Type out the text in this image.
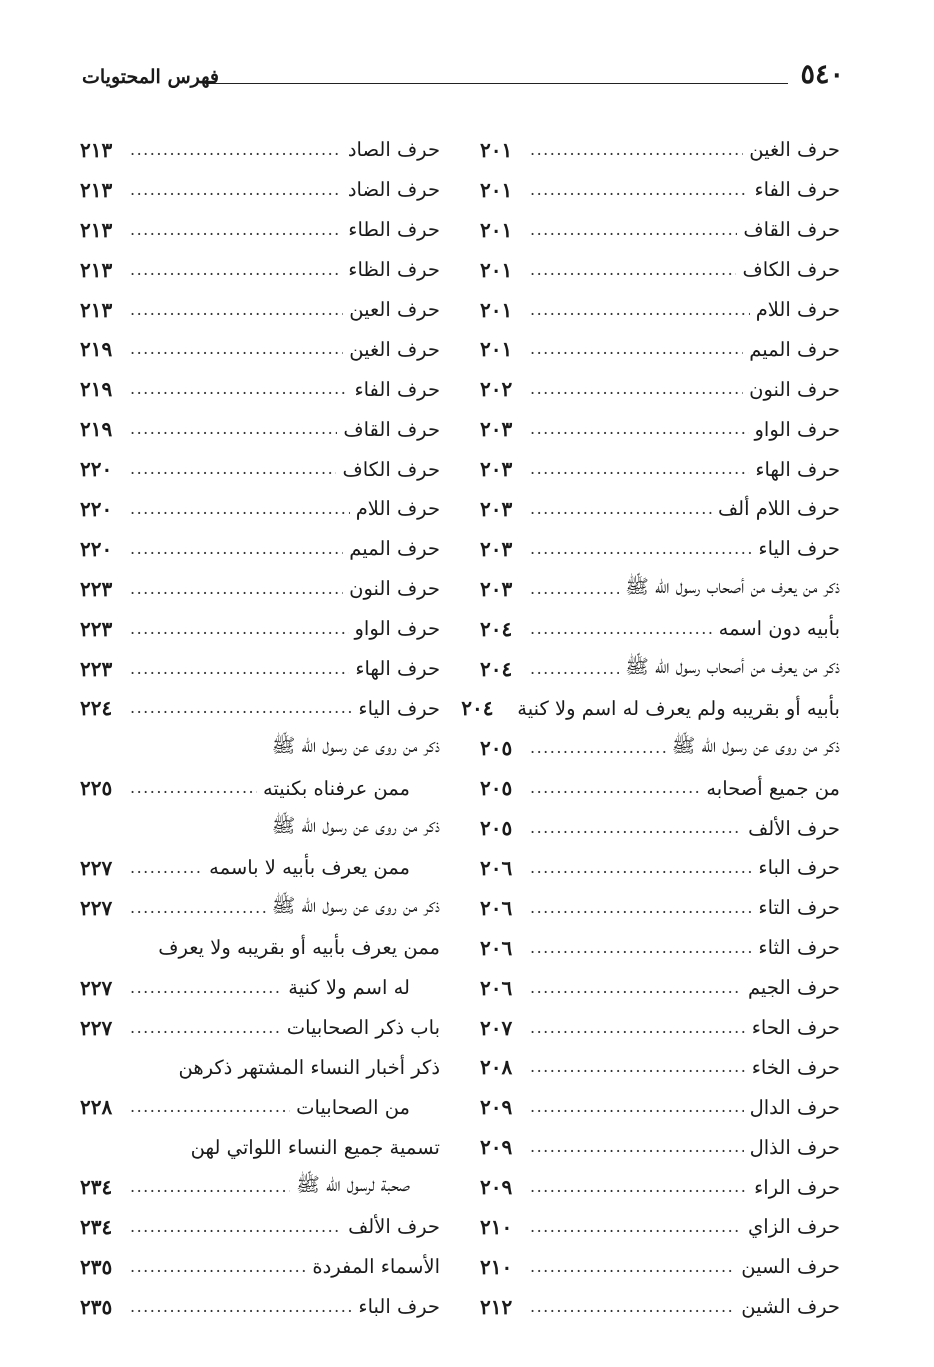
٥٤٠
فهرس المحتويات
حرف الغين
.....
٢٠١
حرف الفاء
.....
٢٠١
حرف القاف
.....
٢٠١
حرف الكاف
.....
٢٠١
حرف اللام
.....
٢٠١
حرف الميم
.....
٢٠١
حرف النون
.....
٢٠٢
حرف الواو
.....
٢٠٣
حرف الهاء
.....
٢٠٣
حرف اللام ألف
.....
٢٠٣
حرف الياء
.....
٢٠٣
ذكر من يعرف من أصحاب رسول الله ﷺ
.....
٢٠٣
بأبيه دون اسمه
.....
٢٠٤
ذكر من يعرف من أصحاب رسول الله ﷺ
.....
٢٠٤
بأبيه أو بقريبه ولم يعرف له اسم ولا كنية
٢٠٤
ذكر من روى عن رسول الله ﷺ
.....
٢٠٥
من جميع أصحابه
.....
٢٠٥
حرف الألف
.....
٢٠٥
حرف الباء
.....
٢٠٦
حرف التاء
.....
٢٠٦
حرف الثاء
.....
٢٠٦
حرف الجيم
.....
٢٠٦
حرف الحاء
.....
٢٠٧
حرف الخاء
.....
٢٠٨
حرف الدال
.....
٢٠٩
حرف الذال
.....
٢٠٩
حرف الراء
.....
٢٠٩
حرف الزاي
.....
٢١٠
حرف السين
.....
٢١٠
حرف الشين
.....
٢١٢
حرف الصاد
.....
٢١٣
حرف الضاد
.....
٢١٣
حرف الطاء
.....
٢١٣
حرف الظاء
.....
٢١٣
حرف العين
.....
٢١٣
حرف الغين
.....
٢١٩
حرف الفاء
.....
٢١٩
حرف القاف
.....
٢١٩
حرف الكاف
.....
٢٢٠
حرف اللام
.....
٢٢٠
حرف الميم
.....
٢٢٠
حرف النون
.....
٢٢٣
حرف الواو
.....
٢٢٣
حرف الهاء
.....
٢٢٣
حرف الياء
.....
٢٢٤
ذكر من روى عن رسول الله ﷺ
ممن عرفناه بكنيته
.....
٢٢٥
ذكر من روى عن رسول الله ﷺ
ممن يعرف بأبيه لا باسمه
.....
٢٢٧
ذكر من روى عن رسول الله ﷺ
.....
٢٢٧
ممن يعرف بأبيه أو بقريبه ولا يعرف
له اسم ولا كنية
.....
٢٢٧
باب ذكر الصحابيات
.....
٢٢٧
ذكر أخبار النساء المشتهر ذكرهن
من الصحابيات
.....
٢٢٨
تسمية جميع النساء اللواتي لهن
صحبة لرسول الله ﷺ
.....
٢٣٤
حرف الألف
.....
٢٣٤
الأسماء المفردة
.....
٢٣٥
حرف الباء
.....
٢٣٥
